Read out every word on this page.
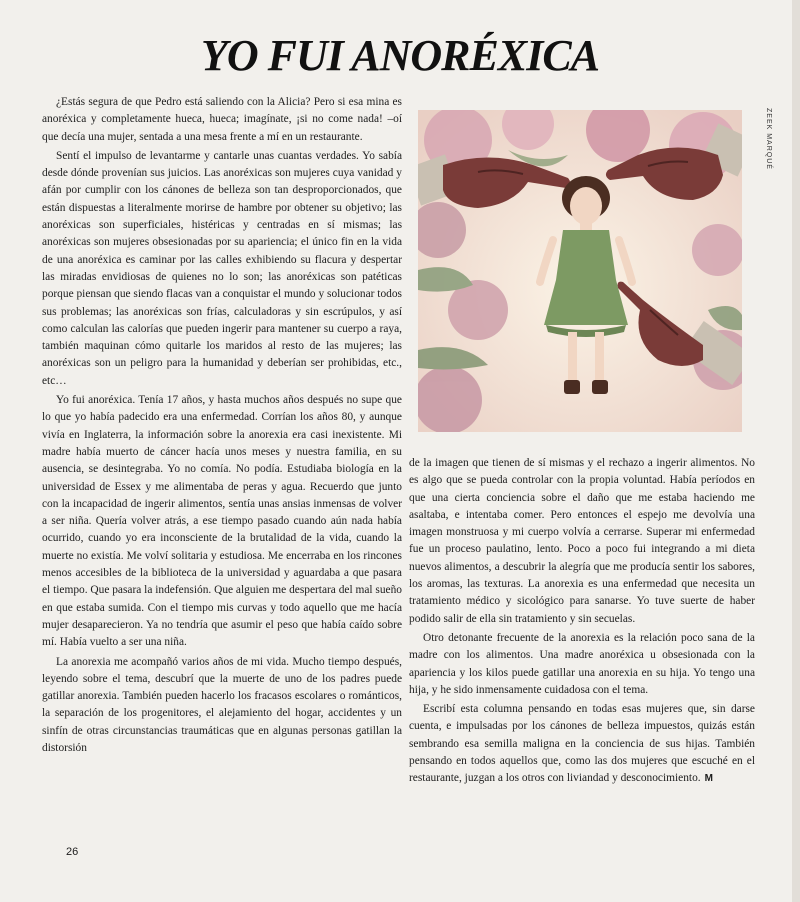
YO FUI ANORÉXICA
ZEEK MARQUÉ

¿Estás segura de que Pedro está saliendo con la Alicia? Pero si esa mina es anoréxica y completamente hueca, hueca; imagínate, ¡si no come nada! –oí que decía una mujer, sentada a una mesa frente a mí en un restaurante.

Sentí el impulso de levantarme y cantarle unas cuantas verdades. Yo sabía desde dónde provenían sus juicios. Las anoréxicas son mujeres cuya vanidad y afán por cumplir con los cánones de belleza son tan desproporcionados, que están dispuestas a literalmente morirse de hambre por obtener su objetivo; las anoréxicas son superficiales, histéricas y centradas en sí mismas; las anoréxicas son mujeres obsesionadas por su apariencia; el único fin en la vida de una anoréxica es caminar por las calles exhibiendo su flacura y despertar las miradas envidiosas de quienes no lo son; las anoréxicas son patéticas porque piensan que siendo flacas van a conquistar el mundo y solucionar todos sus problemas; las anoréxicas son frías, calculadoras y sin escrúpulos, y así como calculan las calorías que pueden ingerir para mantener su cuerpo a raya, también maquinan cómo quitarle los maridos al resto de las mujeres; las anoréxicas son un peligro para la humanidad y deberían ser prohibidas, etc., etc…

Yo fui anoréxica. Tenía 17 años, y hasta muchos años después no supe que lo que yo había padecido era una enfermedad. Corrían los años 80, y aunque vivía en Inglaterra, la información sobre la anorexia era casi inexistente. Mi madre había muerto de cáncer hacía unos meses y nuestra familia, en su ausencia, se desintegraba. Yo no comía. No podía. Estudiaba biología en la universidad de Essex y me alimentaba de peras y agua. Recuerdo que junto con la incapacidad de ingerir alimentos, sentía unas ansias inmensas de volver a ser niña. Quería volver atrás, a ese tiempo pasado cuando aún nada había ocurrido, cuando yo era inconsciente de la brutalidad de la vida, cuando la muerte no existía. Me volví solitaria y estudiosa. Me encerraba en los rincones menos accesibles de la biblioteca de la universidad y aguardaba a que pasara el tiempo. Que pasara la indefensión. Que alguien me despertara del mal sueño en que estaba sumida. Con el tiempo mis curvas y todo aquello que me hacía mujer desaparecieron. Ya no tendría que asumir el peso que había caído sobre mí. Había vuelto a ser una niña.

La anorexia me acompañó varios años de mi vida. Mucho tiempo después, leyendo sobre el tema, descubrí que la muerte de uno de los padres puede gatillar anorexia. También pueden hacerlo los fracasos escolares o románticos, la separación de los progenitores, el alejamiento del hogar, accidentes y un sinfín de otras circunstancias traumáticas que en algunas personas gatillan la distorsión

de la imagen que tienen de sí mismas y el rechazo a ingerir alimentos. No es algo que se pueda controlar con la propia voluntad. Había períodos en que una cierta conciencia sobre el daño que me estaba haciendo me asaltaba, e intentaba comer. Pero entonces el espejo me devolvía una imagen monstruosa y mi cuerpo volvía a cerrarse. Superar mi enfermedad fue un proceso paulatino, lento. Poco a poco fui integrando a mi dieta nuevos alimentos, a descubrir la alegría que me producía sentir los sabores, los aromas, las texturas. La anorexia es una enfermedad que necesita un tratamiento médico y sicológico para sanarse. Yo tuve suerte de haber podido salir de ella sin tratamiento y sin secuelas.

Otro detonante frecuente de la anorexia es la relación poco sana de la madre con los alimentos. Una madre anoréxica u obsesionada con la apariencia y los kilos puede gatillar una anorexia en su hija. Yo tengo una hija, y he sido inmensamente cuidadosa con el tema.

Escribí esta columna pensando en todas esas mujeres que, sin darse cuenta, e impulsadas por los cánones de belleza impuestos, quizás están sembrando esa semilla maligna en la conciencia de sus hijas. También pensando en todos aquellos que, como las dos mujeres que escuché en el restaurante, juzgan a los otros con liviandad y desconocimiento. M

26
